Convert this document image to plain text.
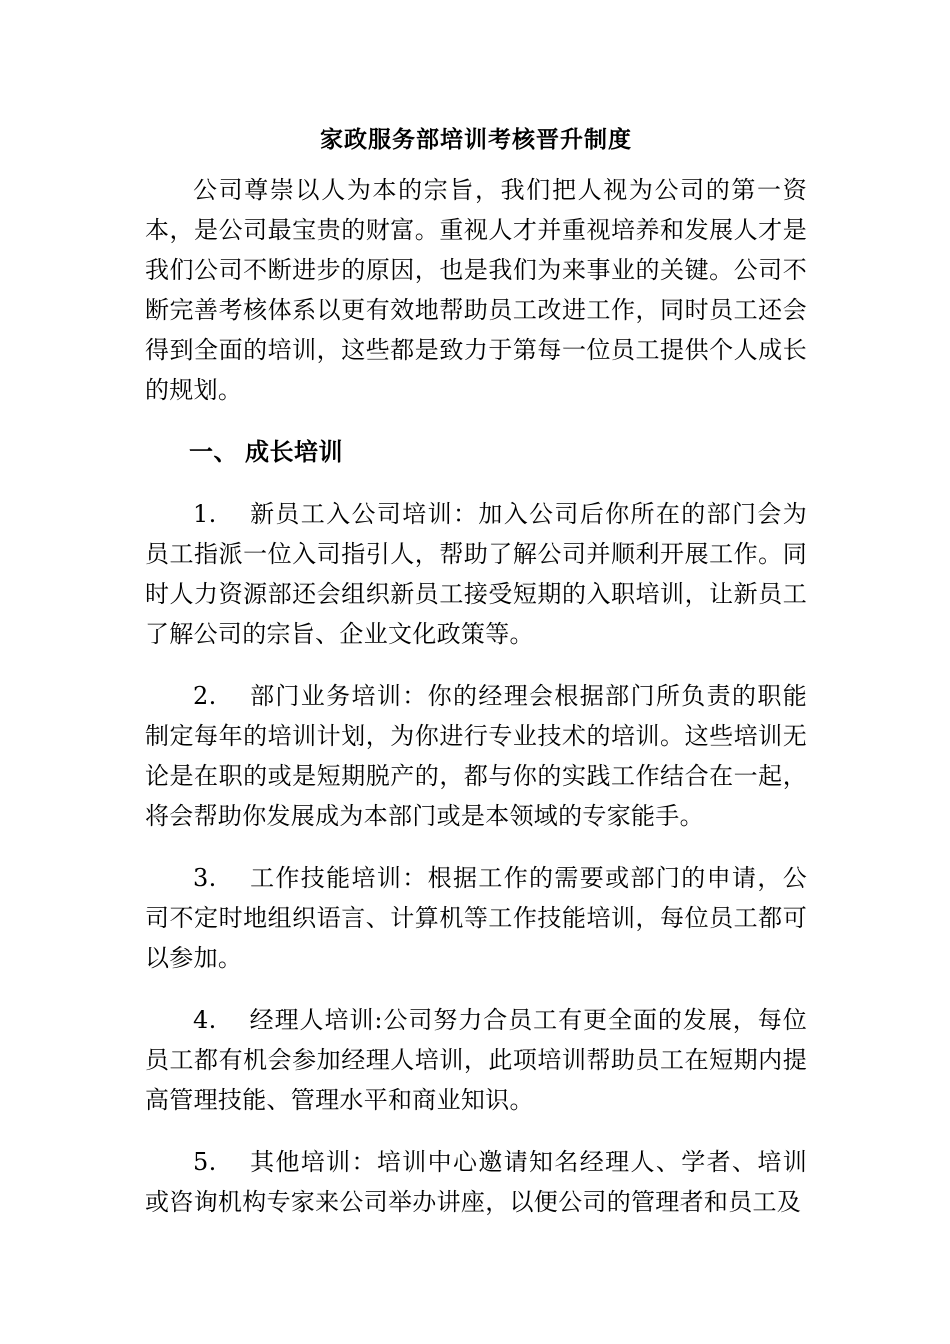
家政服务部培训考核晋升制度

公司尊崇以人为本的宗旨，我们把人视为公司的第一资本，是公司最宝贵的财富。重视人才并重视培养和发展人才是我们公司不断进步的原因，也是我们为来事业的关键。公司不断完善考核体系以更有效地帮助员工改进工作，同时员工还会得到全面的培训，这些都是致力于第每一位员工提供个人成长的规划。

一、 成长培训

1. 新员工入公司培训：加入公司后你所在的部门会为员工指派一位入司指引人，帮助了解公司并顺利开展工作。同时人力资源部还会组织新员工接受短期的入职培训，让新员工了解公司的宗旨、企业文化政策等。

2. 部门业务培训：你的经理会根据部门所负责的职能制定每年的培训计划，为你进行专业技术的培训。这些培训无论是在职的或是短期脱产的，都与你的实践工作结合在一起，将会帮助你发展成为本部门或是本领域的专家能手。

3. 工作技能培训：根据工作的需要或部门的申请，公司不定时地组织语言、计算机等工作技能培训，每位员工都可以参加。

4. 经理人培训:公司努力合员工有更全面的发展，每位员工都有机会参加经理人培训，此项培训帮助员工在短期内提高管理技能、管理水平和商业知识。

5. 其他培训：培训中心邀请知名经理人、学者、培训或咨询机构专家来公司举办讲座，以便公司的管理者和员工及
